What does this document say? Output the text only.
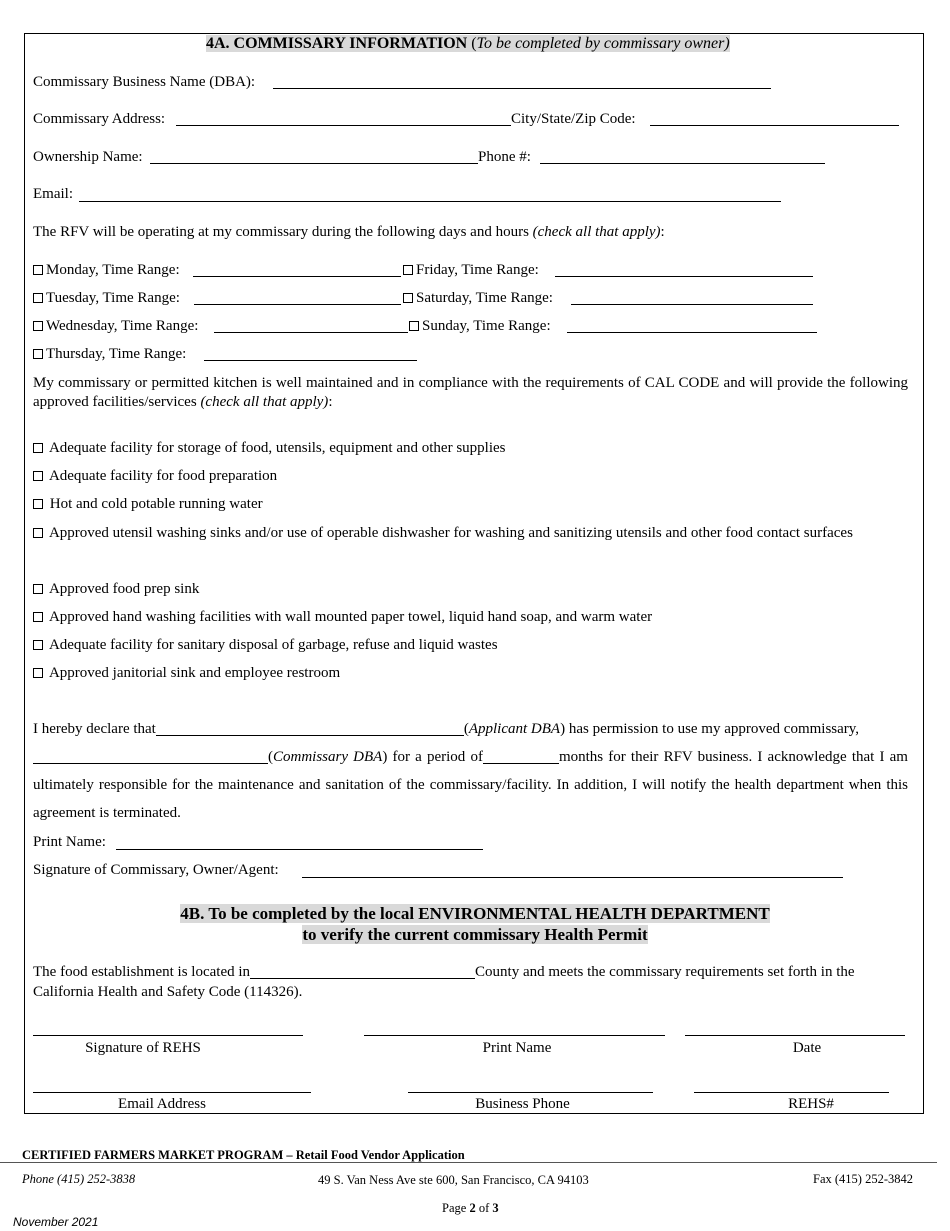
4A. COMMISSARY INFORMATION (To be completed by commissary owner)
Commissary Business Name (DBA):
Commissary Address:	City/State/Zip Code:
Ownership Name:	Phone #:
Email:
The RFV will be operating at my commissary during the following days and hours (check all that apply):
Monday, Time Range:	Friday, Time Range:
Tuesday, Time Range:	Saturday, Time Range:
Wednesday, Time Range:	Sunday, Time Range:
Thursday, Time Range:
My commissary or permitted kitchen is well maintained and in compliance with the requirements of CAL CODE and will provide the following approved facilities/services (check all that apply):
Adequate facility for storage of food, utensils, equipment and other supplies
Adequate facility for food preparation
Hot and cold potable running water
Approved utensil washing sinks and/or use of operable dishwasher for washing and sanitizing utensils and other food contact surfaces
Approved food prep sink
Approved hand washing facilities with wall mounted paper towel, liquid hand soap, and warm water
Adequate facility for sanitary disposal of garbage, refuse and liquid wastes
Approved janitorial sink and employee restroom
I hereby declare that	(Applicant DBA) has permission to use my approved commissary,
(Commissary DBA) for a period of	months for their RFV business. I acknowledge that I am ultimately responsible for the maintenance and sanitation of the commissary/facility. In addition, I will notify the health department when this agreement is terminated.
Print Name:
Signature of Commissary, Owner/Agent:
4B. To be completed by the local ENVIRONMENTAL HEALTH DEPARTMENT
to verify the current commissary Health Permit
The food establishment is located in	County and meets the commissary requirements set forth in the
California Health and Safety Code (114326).
Signature of REHS	Print Name	Date
Email Address	Business Phone	REHS#
CERTIFIED FARMERS MARKET PROGRAM – Retail Food Vendor Application
Phone (415) 252-3838	49 S. Van Ness Ave ste 600, San Francisco, CA 94103	Fax (415) 252-3842
Page 2 of 3
November 2021
